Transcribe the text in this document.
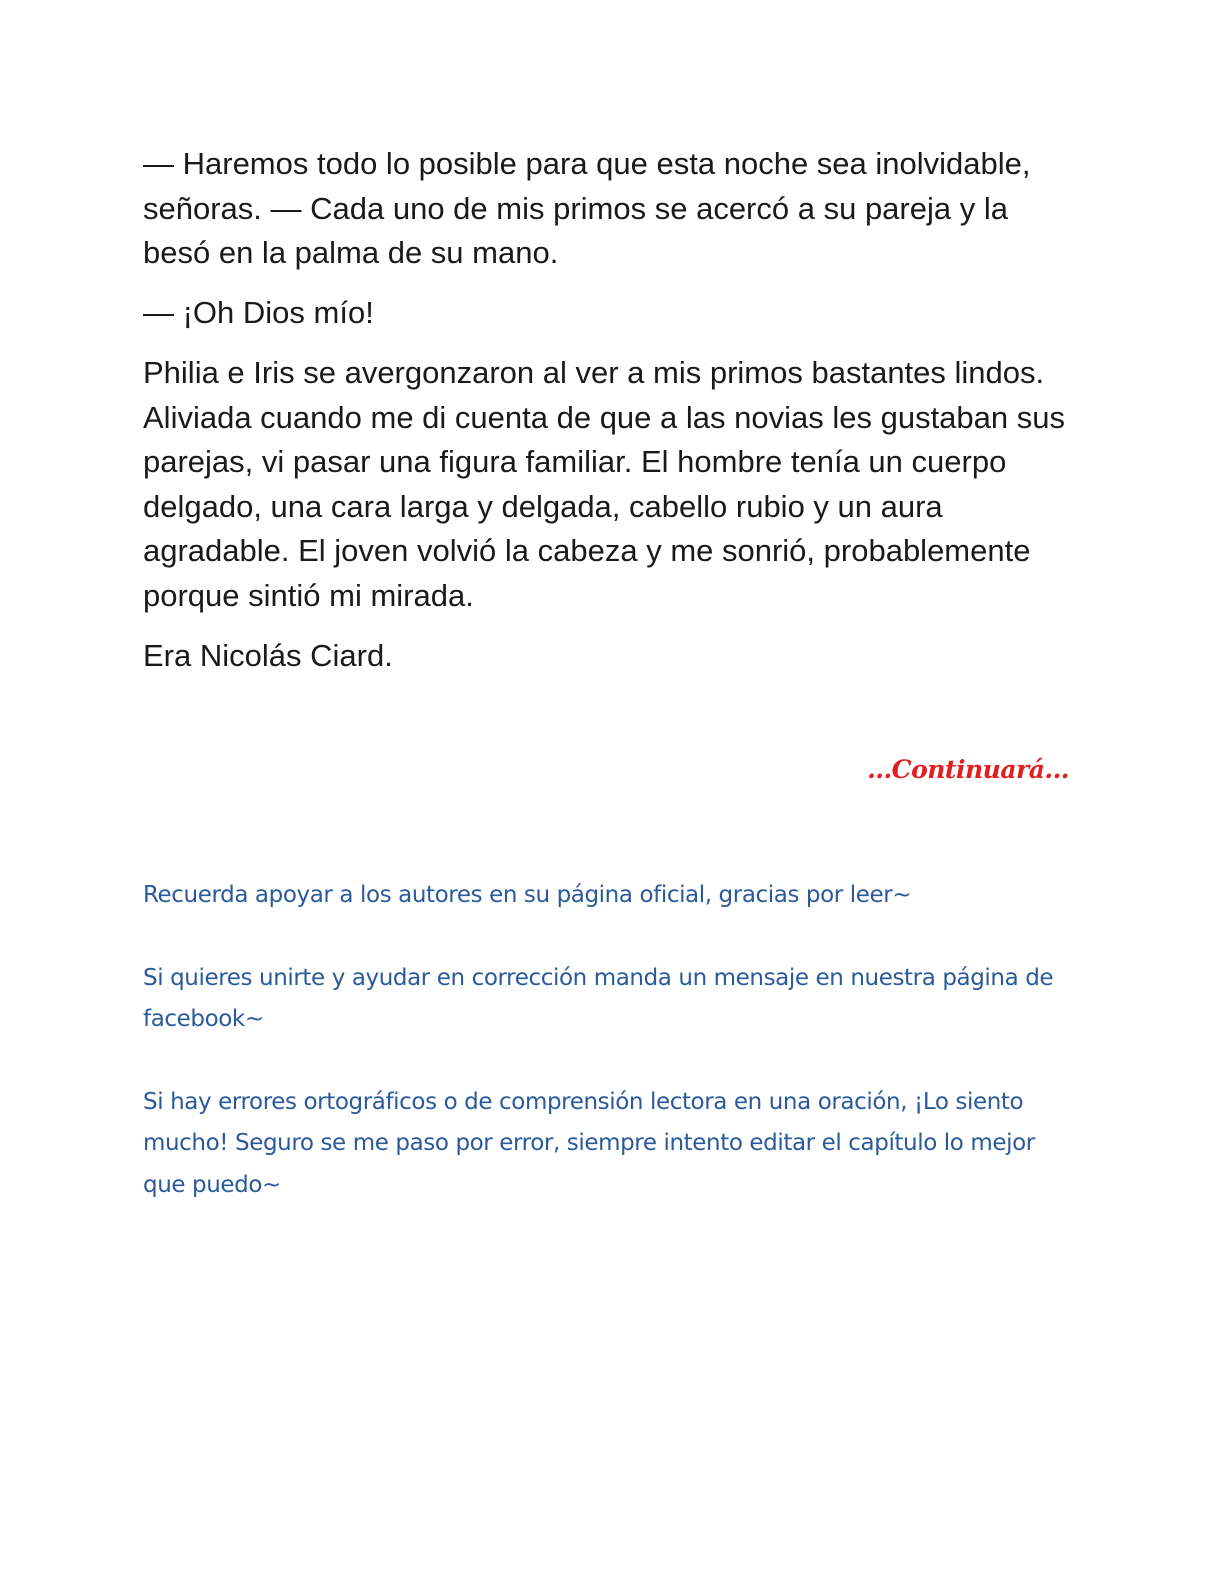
— Haremos todo lo posible para que esta noche sea inolvidable, señoras. — Cada uno de mis primos se acercó a su pareja y la besó en la palma de su mano.

— ¡Oh Dios mío!

Philia e Iris se avergonzaron al ver a mis primos bastantes lindos. Aliviada cuando me di cuenta de que a las novias les gustaban sus parejas, vi pasar una figura familiar. El hombre tenía un cuerpo delgado, una cara larga y delgada, cabello rubio y un aura agradable. El joven volvió la cabeza y me sonrió, probablemente porque sintió mi mirada.

Era Nicolás Ciard.

...Continuará...

Recuerda apoyar a los autores en su página oficial, gracias por leer~

Si quieres unirte y ayudar en corrección manda un mensaje en nuestra página de facebook~

Si hay errores ortográficos o de comprensión lectora en una oración, ¡Lo siento mucho! Seguro se me paso por error, siempre intento editar el capítulo lo mejor que puedo~
